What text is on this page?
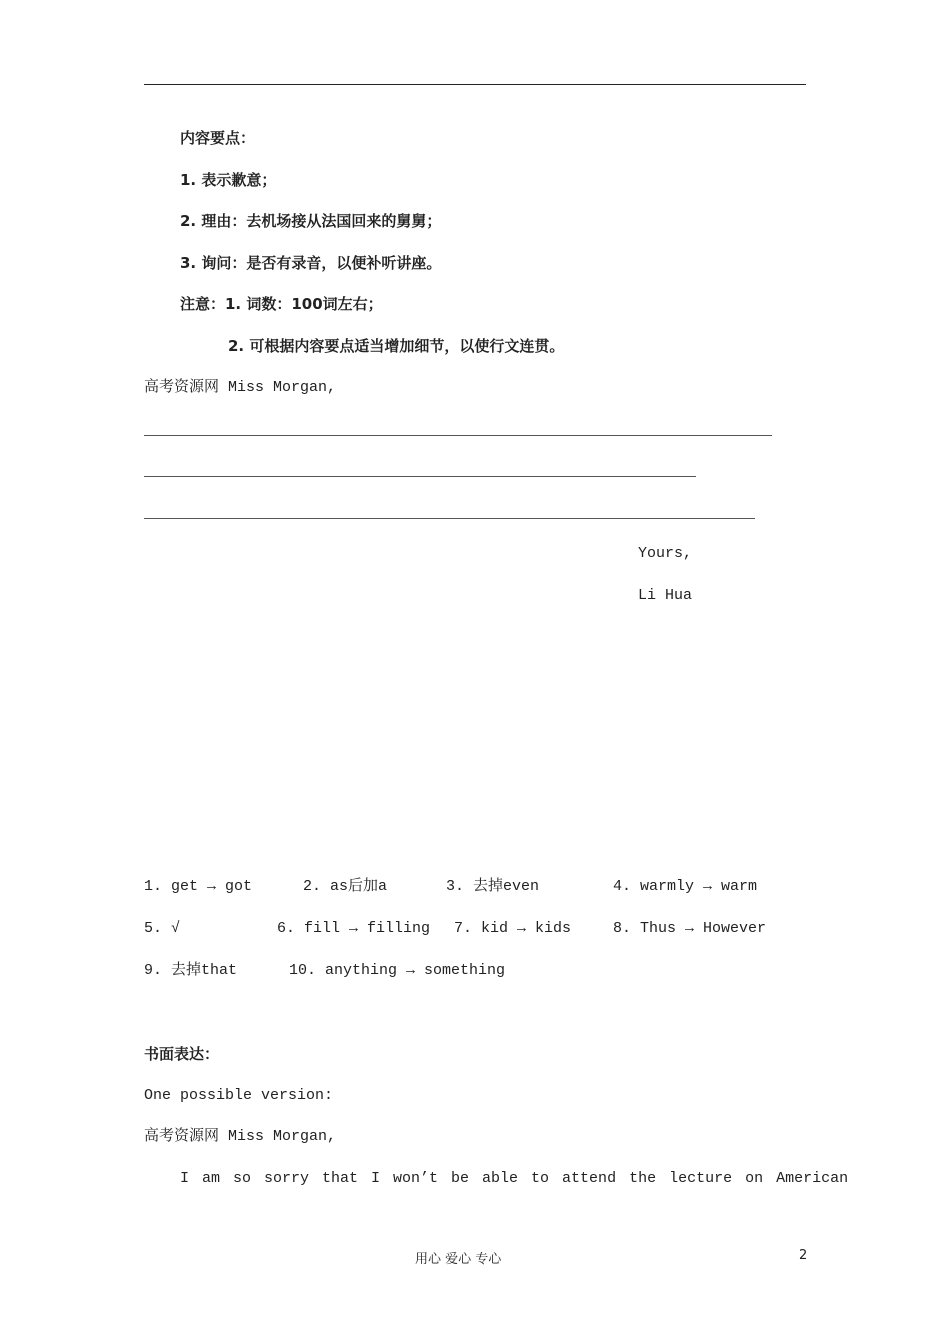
内容要点：
1. 表示歉意；
2. 理由：去机场接从法国回来的舅舅；
3. 询问：是否有录音，以便补听讲座。
注意：1. 词数：100词左右；
2. 可根据内容要点适当增加细节，以使行文连贯。
高考资源网 Miss Morgan,
Yours,
Li Hua
1. get → got	2. as后加a	3. 去掉even	4. warmly → warm
5. √	6. fill → filling 7. kid → kids	8. Thus → However
9. 去掉that	10. anything → something
书面表达：
One possible version:
高考资源网 Miss Morgan,
I am so sorry that I won’t be able to attend the lecture on American
用心 爱心 专心	2
